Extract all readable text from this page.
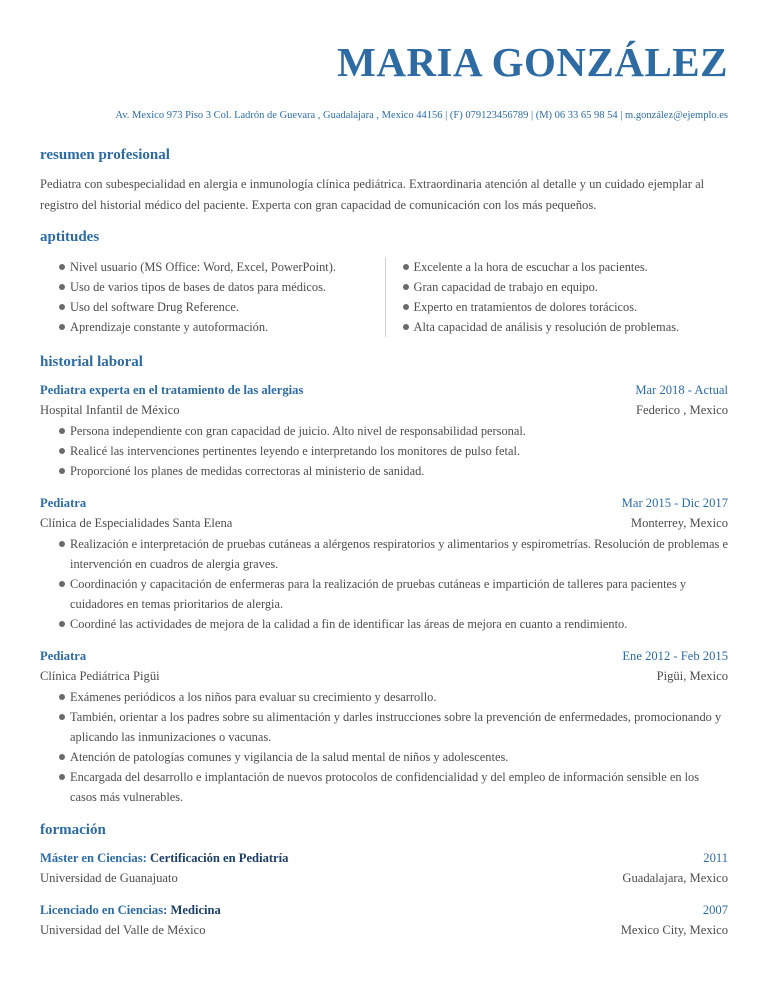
MARIA GONZÁLEZ
Av. Mexico 973 Piso 3 Col. Ladrón de Guevara , Guadalajara , Mexico 44156 | (F) 079123456789 | (M) 06 33 65 98 54 | m.gonzález@ejemplo.es
resumen profesional
Pediatra con subespecialidad en alergia e inmunología clínica pediátrica. Extraordinaria atención al detalle y un cuidado ejemplar al registro del historial médico del paciente. Experta con gran capacidad de comunicación con los más pequeños.
aptitudes
Nivel usuario (MS Office: Word, Excel, PowerPoint).
Uso de varios tipos de bases de datos para médicos.
Uso del software Drug Reference.
Aprendizaje constante y autoformación.
Excelente a la hora de escuchar a los pacientes.
Gran capacidad de trabajo en equipo.
Experto en tratamientos de dolores torácicos.
Alta capacidad de análisis y resolución de problemas.
historial laboral
Pediatra experta en el tratamiento de las alergias	Mar 2018 - Actual
Hospital Infantil de México	Federico , Mexico
Persona independiente con gran capacidad de juicio. Alto nivel de responsabilidad personal.
Realicé las intervenciones pertinentes leyendo e interpretando los monitores de pulso fetal.
Proporcioné los planes de medidas correctoras al ministerio de sanidad.
Pediatra	Mar 2015 - Dic 2017
Clínica de Especialidades Santa Elena	Monterrey, Mexico
Realización e interpretación de pruebas cutáneas a alérgenos respiratorios y alimentarios y espirometrías. Resolución de problemas e intervención en cuadros de alergia graves.
Coordinación y capacitación de enfermeras para la realización de pruebas cutáneas e impartición de talleres para pacientes y cuidadores en temas prioritarios de alergia.
Coordiné las actividades de mejora de la calidad a fin de identificar las áreas de mejora en cuanto a rendimiento.
Pediatra	Ene 2012 - Feb 2015
Clínica Pediátrica Pigüi	Pigüi, Mexico
Exámenes periódicos a los niños para evaluar su crecimiento y desarrollo.
También, orientar a los padres sobre su alimentación y darles instrucciones sobre la prevención de enfermedades, promocionando y aplicando las inmunizaciones o vacunas.
Atención de patologías comunes y vigilancia de la salud mental de niños y adolescentes.
Encargada del desarrollo e implantación de nuevos protocolos de confidencialidad y del empleo de información sensible en los casos más vulnerables.
formación
Máster en Ciencias: Certificación en Pediatría	2011
Universidad de Guanajuato	Guadalajara, Mexico
Licenciado en Ciencias: Medicina	2007
Universidad del Valle de México	Mexico City, Mexico
